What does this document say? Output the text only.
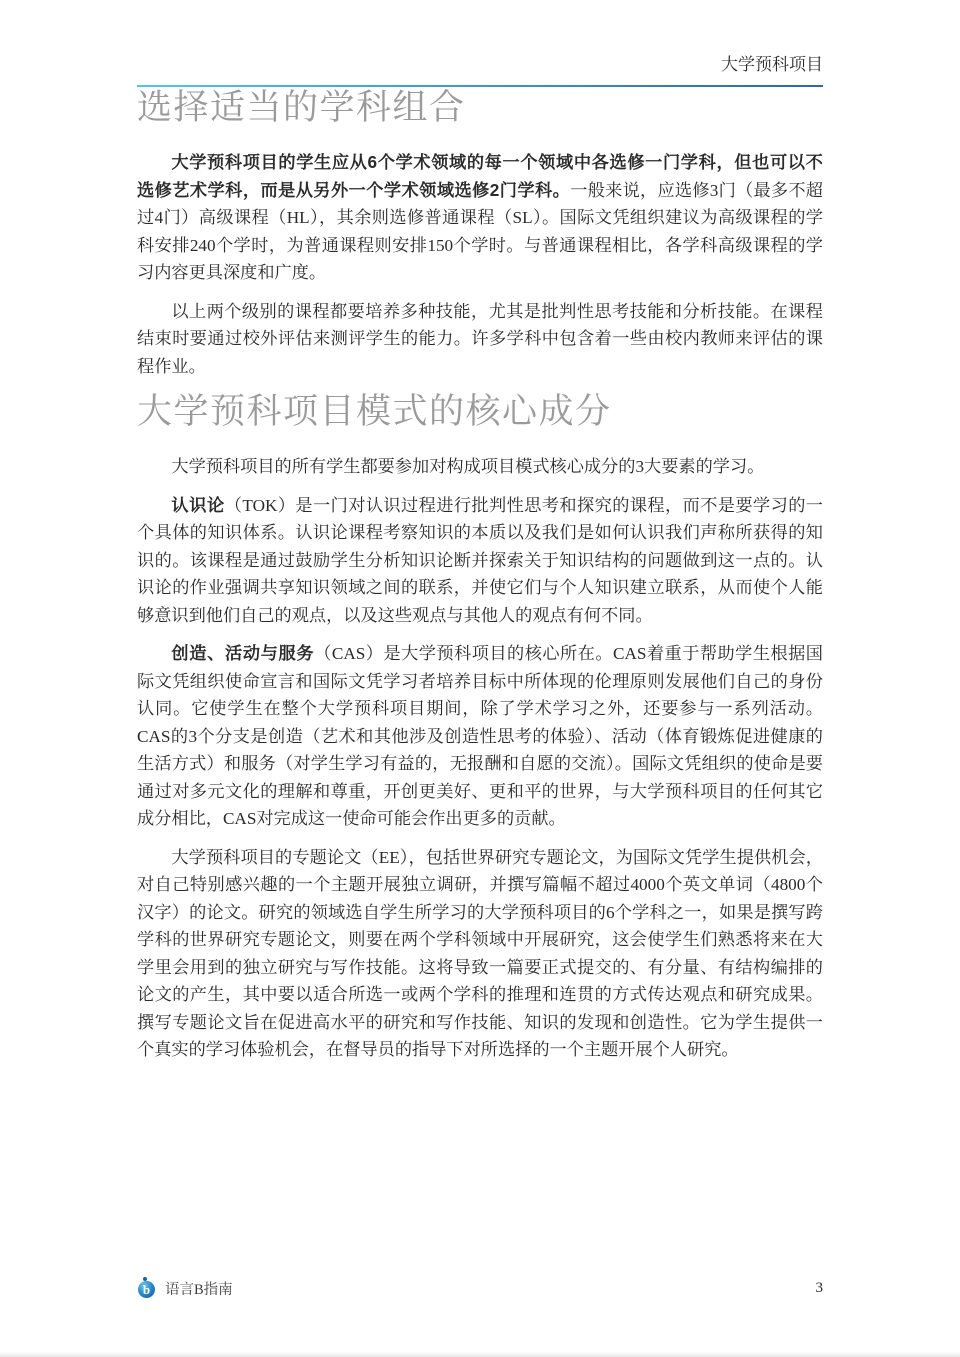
大学预科项目
选择适当的学科组合

大学预科项目的学生应从6个学术领域的每一个领域中各选修一门学科，但也可以不选修艺术学科，而是从另外一个学术领域选修2门学科。一般来说，应选修3门（最多不超过4门）高级课程（HL），其余则选修普通课程（SL）。国际文凭组织建议为高级课程的学科安排240个学时，为普通课程则安排150个学时。与普通课程相比，各学科高级课程的学习内容更具深度和广度。

以上两个级别的课程都要培养多种技能，尤其是批判性思考技能和分析技能。在课程结束时要通过校外评估来测评学生的能力。许多学科中包含着一些由校内教师来评估的课程作业。

大学预科项目模式的核心成分

大学预科项目的所有学生都要参加对构成项目模式核心成分的3大要素的学习。

认识论（TOK）是一门对认识过程进行批判性思考和探究的课程，而不是要学习的一个具体的知识体系。认识论课程考察知识的本质以及我们是如何认识我们声称所获得的知识的。该课程是通过鼓励学生分析知识论断并探索关于知识结构的问题做到这一点的。认识论的作业强调共享知识领域之间的联系，并使它们与个人知识建立联系，从而使个人能够意识到他们自己的观点，以及这些观点与其他人的观点有何不同。

创造、活动与服务（CAS）是大学预科项目的核心所在。CAS着重于帮助学生根据国际文凭组织使命宣言和国际文凭学习者培养目标中所体现的伦理原则发展他们自己的身份认同。它使学生在整个大学预科项目期间，除了学术学习之外，还要参与一系列活动。CAS的3个分支是创造（艺术和其他涉及创造性思考的体验）、活动（体育锻炼促进健康的生活方式）和服务（对学生学习有益的，无报酬和自愿的交流）。国际文凭组织的使命是要通过对多元文化的理解和尊重，开创更美好、更和平的世界，与大学预科项目的任何其它成分相比，CAS对完成这一使命可能会作出更多的贡献。

大学预科项目的专题论文（EE），包括世界研究专题论文，为国际文凭学生提供机会，对自己特别感兴趣的一个主题开展独立调研，并撰写篇幅不超过4000个英文单词（4800个汉字）的论文。研究的领域选自学生所学习的大学预科项目的6个学科之一，如果是撰写跨学科的世界研究专题论文，则要在两个学科领域中开展研究，这会使学生们熟悉将来在大学里会用到的独立研究与写作技能。这将导致一篇要正式提交的、有分量、有结构编排的论文的产生，其中要以适合所选一或两个学科的推理和连贯的方式传达观点和研究成果。撰写专题论文旨在促进高水平的研究和写作技能、知识的发现和创造性。它为学生提供一个真实的学习体验机会，在督导员的指导下对所选择的一个主题开展个人研究。

b	语言B指南	3
